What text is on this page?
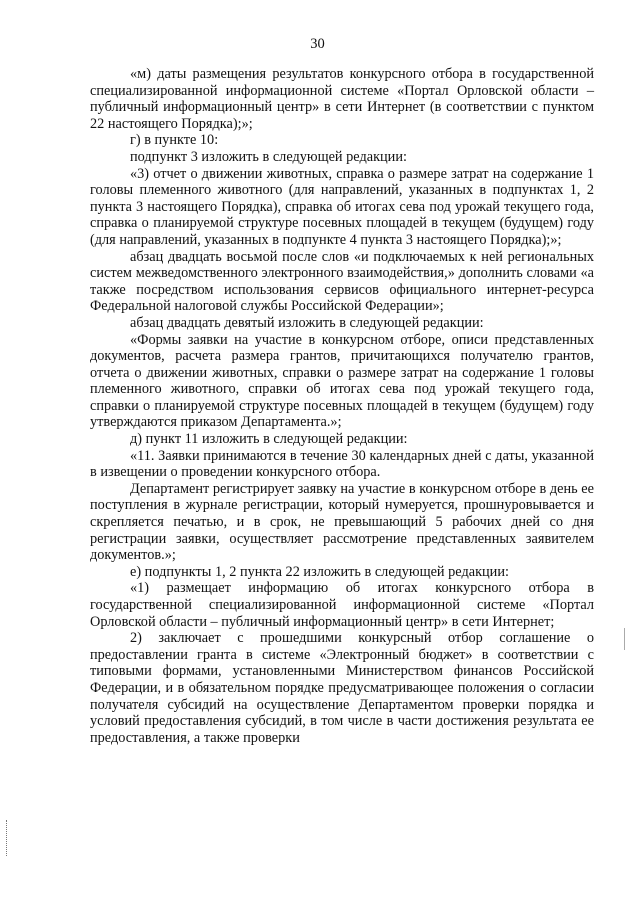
30

«м) даты размещения результатов конкурсного отбора в государственной специализированной информационной системе «Портал Орловской области – публичный информационный центр» в сети Интернет (в соответствии с пунктом 22 настоящего Порядка);»;

г) в пункте 10:

подпункт 3 изложить в следующей редакции:

«3) отчет о движении животных, справка о размере затрат на содержание 1 головы племенного животного (для направлений, указанных в подпунктах 1, 2 пункта 3 настоящего Порядка), справка об итогах сева под урожай текущего года, справка о планируемой структуре посевных площадей в текущем (будущем) году (для направлений, указанных в подпункте 4 пункта 3 настоящего Порядка);»;

абзац двадцать восьмой после слов «и подключаемых к ней региональных систем межведомственного электронного взаимодействия,» дополнить словами «а также посредством использования сервисов официального интернет-ресурса Федеральной налоговой службы Российской Федерации»;

абзац двадцать девятый изложить в следующей редакции:

«Формы заявки на участие в конкурсном отборе, описи представленных документов, расчета размера грантов, причитающихся получателю грантов, отчета о движении животных, справки о размере затрат на содержание 1 головы племенного животного, справки об итогах сева под урожай текущего года, справки о планируемой структуре посевных площадей в текущем (будущем) году утверждаются приказом Департамента.»;

д) пункт 11 изложить в следующей редакции:

«11. Заявки принимаются в течение 30 календарных дней с даты, указанной в извещении о проведении конкурсного отбора.

Департамент регистрирует заявку на участие в конкурсном отборе в день ее поступления в журнале регистрации, который нумеруется, прошнуровывается и скрепляется печатью, и в срок, не превышающий 5 рабочих дней со дня регистрации заявки, осуществляет рассмотрение представленных заявителем документов.»;

е) подпункты 1, 2 пункта 22 изложить в следующей редакции:

«1) размещает информацию об итогах конкурсного отбора в государственной специализированной информационной системе «Портал Орловской области – публичный информационный центр» в сети Интернет;

2) заключает с прошедшими конкурсный отбор соглашение о предоставлении гранта в системе «Электронный бюджет» в соответствии с типовыми формами, установленными Министерством финансов Российской Федерации, и в обязательном порядке предусматривающее положения о согласии получателя субсидий на осуществление Департаментом проверки порядка и условий предоставления субсидий, в том числе в части достижения результата ее предоставления, а также проверки
